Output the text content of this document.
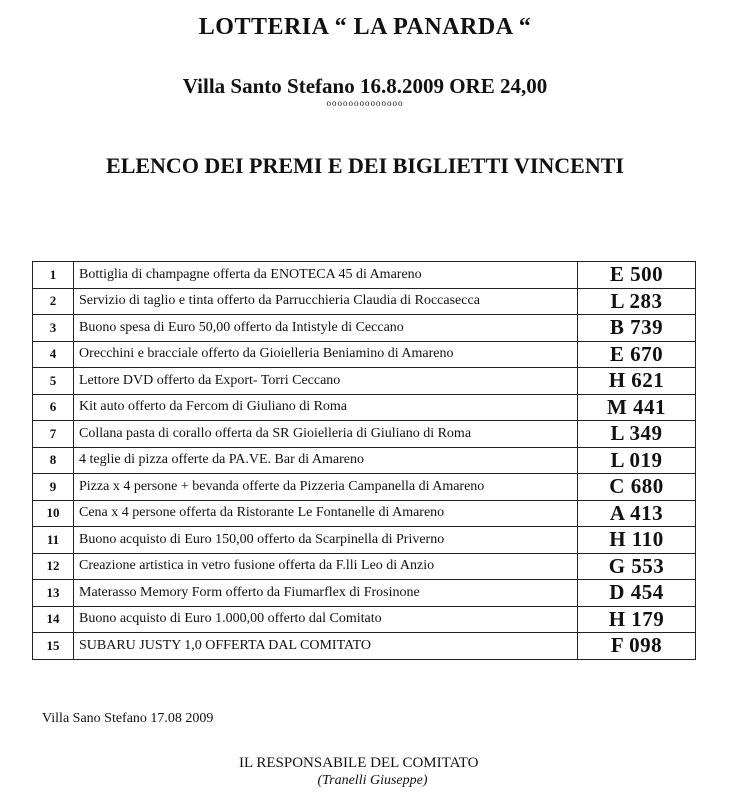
LOTTERIA “ LA PANARDA “
Villa Santo Stefano 16.8.2009 ORE 24,00
oooooooooooooo
ELENCO DEI PREMI E DEI BIGLIETTI VINCENTI
1	Bottiglia di champagne offerta da ENOTECA 45 di Amareno	E 500
2	Servizio di taglio e tinta offerto da Parrucchieria Claudia di Roccasecca	L 283
3	Buono spesa di Euro 50,00 offerto da Intistyle di Ceccano	B 739
4	Orecchini e bracciale offerto da Gioielleria Beniamino di Amareno	E 670
5	Lettore DVD offerto da Export- Torri Ceccano	H 621
6	Kit auto offerto da Fercom di Giuliano di Roma	M 441
7	Collana pasta di corallo offerta da SR Gioielleria di Giuliano di Roma	L 349
8	4 teglie di pizza offerte da PA.VE. Bar di Amareno	L 019
9	Pizza x 4 persone + bevanda offerte da Pizzeria Campanella di Amareno	C 680
10	Cena x 4 persone offerta da Ristorante Le Fontanelle di Amareno	A 413
11	Buono acquisto di Euro 150,00 offerto da Scarpinella di Priverno	H 110
12	Creazione artistica in vetro fusione offerta da F.lli Leo di Anzio	G 553
13	Materasso Memory Form offerto da Fiumarflex di Frosinone	D 454
14	Buono acquisto di Euro 1.000,00 offerto dal Comitato	H 179
15	SUBARU JUSTY 1,0 OFFERTA DAL COMITATO	F 098
Villa Sano Stefano 17.08 2009
IL RESPONSABILE DEL COMITATO
(Tranelli Giuseppe)
